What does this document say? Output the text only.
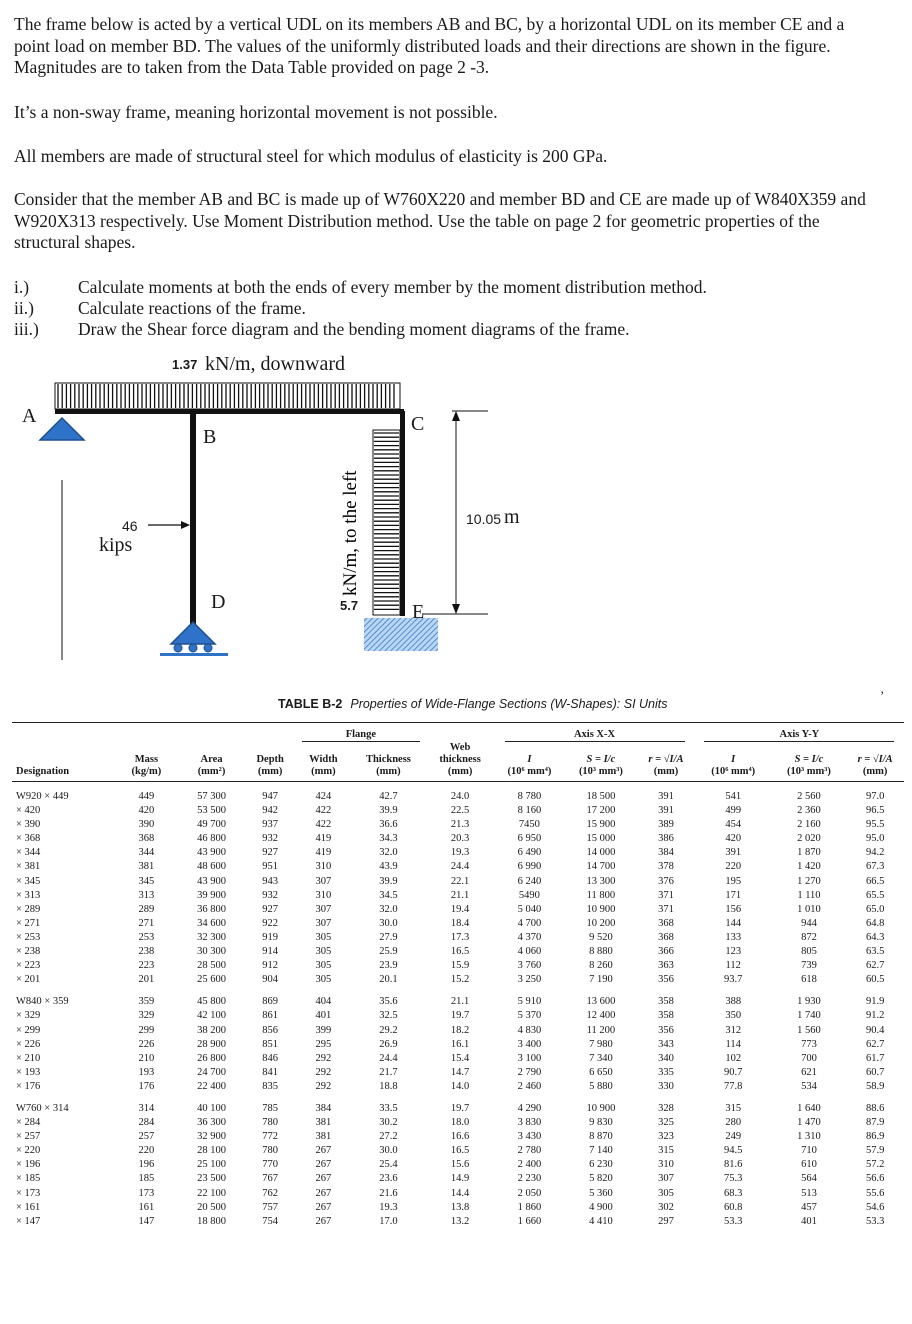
The frame below is acted by a vertical UDL on its members AB and BC, by a horizontal UDL on its member CE and a point load on member BD. The values of the uniformly distributed loads and their directions are shown in the figure. Magnitudes are to taken from the Data Table provided on page 2 -3.

It’s a non-sway frame, meaning horizontal movement is not possible.

All members are made of structural steel for which modulus of elasticity is 200 GPa.

Consider that the member AB and BC is made up of W760X220 and member BD and CE are made up of W840X359 and W920X313 respectively. Use Moment Distribution method. Use the table on page 2 for geometric properties of the structural shapes.

i.)	Calculate moments at both the ends of every member by the moment distribution method.
ii.)	Calculate reactions of the frame.
iii.) Draw the Shear force diagram and the bending moment diagrams of the frame.
kN/m, to the left
1.37 kN/m, downward
A
B
C
D	E
46
kips
5.7
10.05 m
’
TABLE B-2 Properties of Wide-Flange Sections (W-Shapes): SI Units
				Flange			Axis X-X			Axis Y-Y		
						Web						
	Mass	Area	Depth	Width	Thickness	thickness	I	S = I/c	r = √I/A	I	S = I/c	r = √I/A
Designation	(kg/m)	(mm²)	(mm)	(mm)	(mm)	(mm)	(10⁶ mm⁴)	(10³ mm³)	(mm)	(10⁶ mm⁴)	(10³ mm³)	(mm)
W920 × 449	449	57 300	947	424	42.7	24.0	8 780	18 500	391	541	2 560	97.0
× 420	420	53 500	942	422	39.9	22.5	8 160	17 200	391	499	2 360	96.5
× 390	390	49 700	937	422	36.6	21.3	7450	15 900	389	454	2 160	95.5
× 368	368	46 800	932	419	34.3	20.3	6 950	15 000	386	420	2 020	95.0
× 344	344	43 900	927	419	32.0	19.3	6 490	14 000	384	391	1 870	94.2
× 381	381	48 600	951	310	43.9	24.4	6 990	14 700	378	220	1 420	67.3
× 345	345	43 900	943	307	39.9	22.1	6 240	13 300	376	195	1 270	66.5
× 313	313	39 900	932	310	34.5	21.1	5490	11 800	371	171	1 110	65.5
× 289	289	36 800	927	307	32.0	19.4	5 040	10 900	371	156	1 010	65.0
× 271	271	34 600	922	307	30.0	18.4	4 700	10 200	368	144	944	64.8
× 253	253	32 300	919	305	27.9	17.3	4 370	9 520	368	133	872	64.3
× 238	238	30 300	914	305	25.9	16.5	4 060	8 880	366	123	805	63.5
× 223	223	28 500	912	305	23.9	15.9	3 760	8 260	363	112	739	62.7
× 201	201	25 600	904	305	20.1	15.2	3 250	7 190	356	93.7	618	60.5
W840 × 359	359	45 800	869	404	35.6	21.1	5 910	13 600	358	388	1 930	91.9
× 329	329	42 100	861	401	32.5	19.7	5 370	12 400	358	350	1 740	91.2
× 299	299	38 200	856	399	29.2	18.2	4 830	11 200	356	312	1 560	90.4
× 226	226	28 900	851	295	26.9	16.1	3 400	7 980	343	114	773	62.7
× 210	210	26 800	846	292	24.4	15.4	3 100	7 340	340	102	700	61.7
× 193	193	24 700	841	292	21.7	14.7	2 790	6 650	335	90.7	621	60.7
× 176	176	22 400	835	292	18.8	14.0	2 460	5 880	330	77.8	534	58.9
W760 × 314	314	40 100	785	384	33.5	19.7	4 290	10 900	328	315	1 640	88.6
× 284	284	36 300	780	381	30.2	18.0	3 830	9 830	325	280	1 470	87.9
× 257	257	32 900	772	381	27.2	16.6	3 430	8 870	323	249	1 310	86.9
× 220	220	28 100	780	267	30.0	16.5	2 780	7 140	315	94.5	710	57.9
× 196	196	25 100	770	267	25.4	15.6	2 400	6 230	310	81.6	610	57.2
× 185	185	23 500	767	267	23.6	14.9	2 230	5 820	307	75.3	564	56.6
× 173	173	22 100	762	267	21.6	14.4	2 050	5 360	305	68.3	513	55.6
× 161	161	20 500	757	267	19.3	13.8	1 860	4 900	302	60.8	457	54.6
× 147	147	18 800	754	267	17.0	13.2	1 660	4 410	297	53.3	401	53.3
